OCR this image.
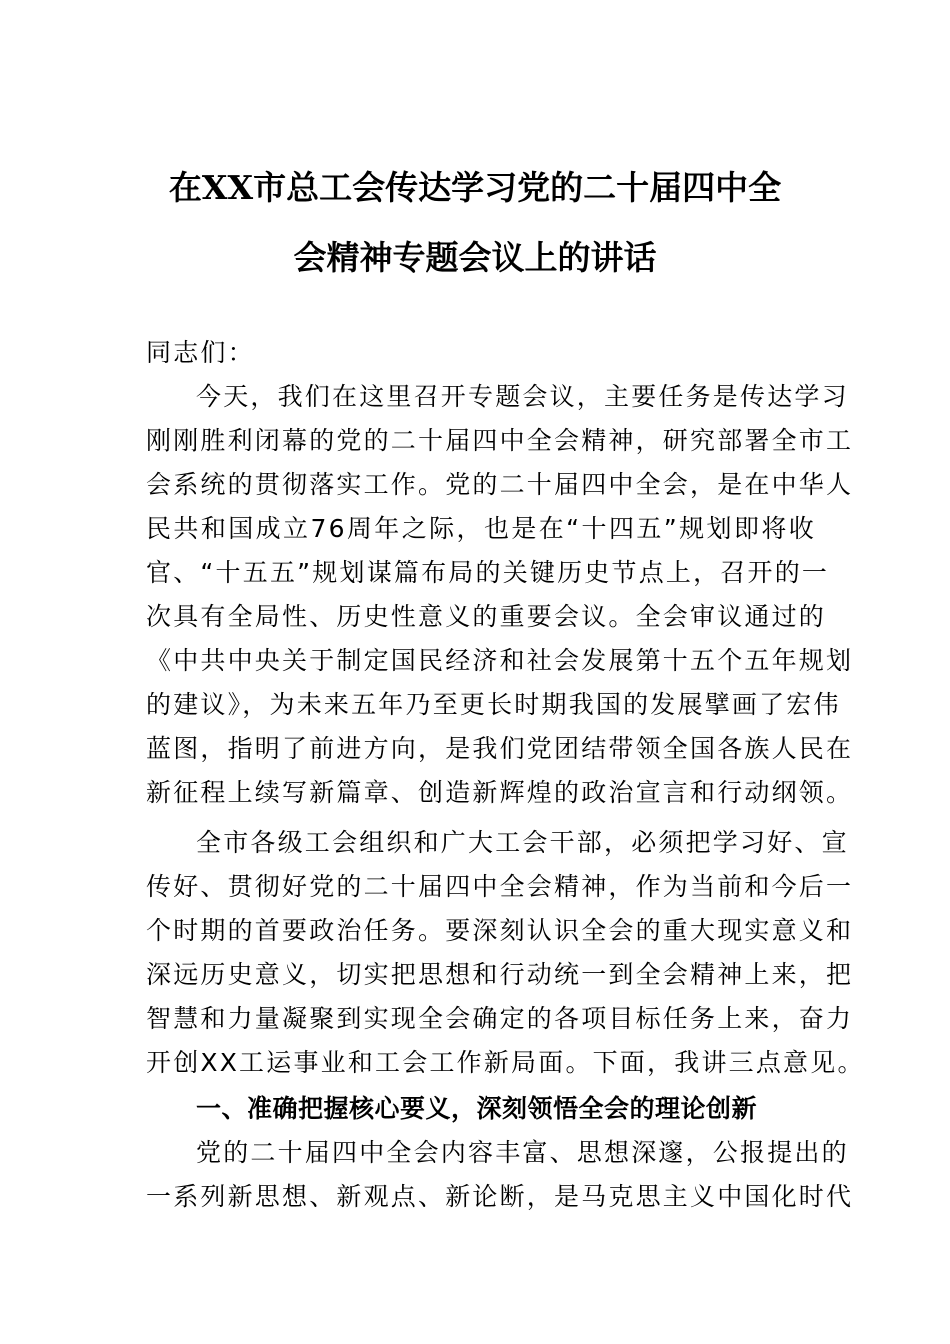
在XX市总工会传达学习党的二十届四中全
会精神专题会议上的讲话
同志们：
今天，我们在这里召开专题会议，主要任务是传达学习
刚刚胜利闭幕的党的二十届四中全会精神，研究部署全市工
会系统的贯彻落实工作。党的二十届四中全会，是在中华人
民共和国成立76周年之际，也是在“十四五”规划即将收
官、“十五五”规划谋篇布局的关键历史节点上，召开的一
次具有全局性、历史性意义的重要会议。全会审议通过的
《中共中央关于制定国民经济和社会发展第十五个五年规划
的建议》，为未来五年乃至更长时期我国的发展擘画了宏伟
蓝图，指明了前进方向，是我们党团结带领全国各族人民在
新征程上续写新篇章、创造新辉煌的政治宣言和行动纲领。
全市各级工会组织和广大工会干部，必须把学习好、宣
传好、贯彻好党的二十届四中全会精神，作为当前和今后一
个时期的首要政治任务。要深刻认识全会的重大现实意义和
深远历史意义，切实把思想和行动统一到全会精神上来，把
智慧和力量凝聚到实现全会确定的各项目标任务上来，奋力
开创XX工运事业和工会工作新局面。下面，我讲三点意见。
一、准确把握核心要义，深刻领悟全会的理论创新
党的二十届四中全会内容丰富、思想深邃，公报提出的
一系列新思想、新观点、新论断，是马克思主义中国化时代
